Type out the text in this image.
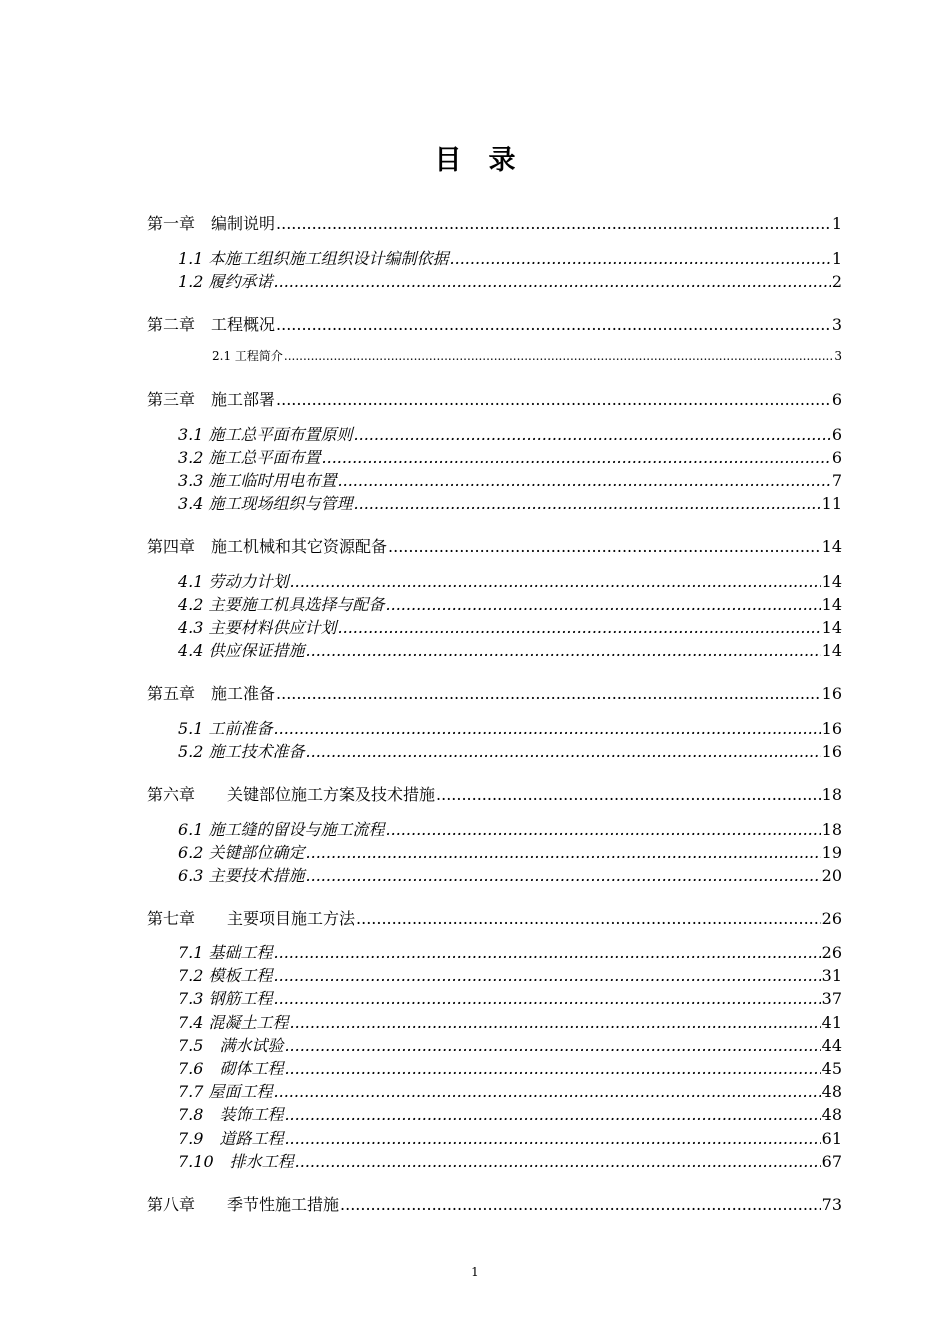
目　录
第一章　编制说明 .....	1
1.1 本施工组织施工组织设计编制依据 .....	1
1.2 履约承诺 .....	2
第二章　工程概况 .....	3
2.1 工程简介 .....	3
第三章　施工部署 .....	6
3.1 施工总平面布置原则 .....	6
3.2 施工总平面布置 .....	6
3.3 施工临时用电布置 .....	7
3.4 施工现场组织与管理 .....	11
第四章　施工机械和其它资源配备 .....	14
4.1 劳动力计划 .....	14
4.2 主要施工机具选择与配备 .....	14
4.3 主要材料供应计划 .....	14
4.4 供应保证措施 .....	14
第五章　施工准备 .....	16
5.1 工前准备 .....	16
5.2 施工技术准备 .....	16
第六章　　关键部位施工方案及技术措施 .....	18
6.1 施工缝的留设与施工流程 .....	18
6.2 关键部位确定 .....	19
6.3 主要技术措施 .....	20
第七章　　主要项目施工方法 .....	26
7.1 基础工程 .....	26
7.2 模板工程 .....	31
7.3 钢筋工程 .....	37
7.4 混凝土工程 .....	41
7.5　满水试验 .....	44
7.6　砌体工程 .....	45
7.7 屋面工程 .....	48
7.8　装饰工程 .....	48
7.9　道路工程 .....	61
7.10　排水工程 .....	67
第八章　　季节性施工措施 .....	73
1
